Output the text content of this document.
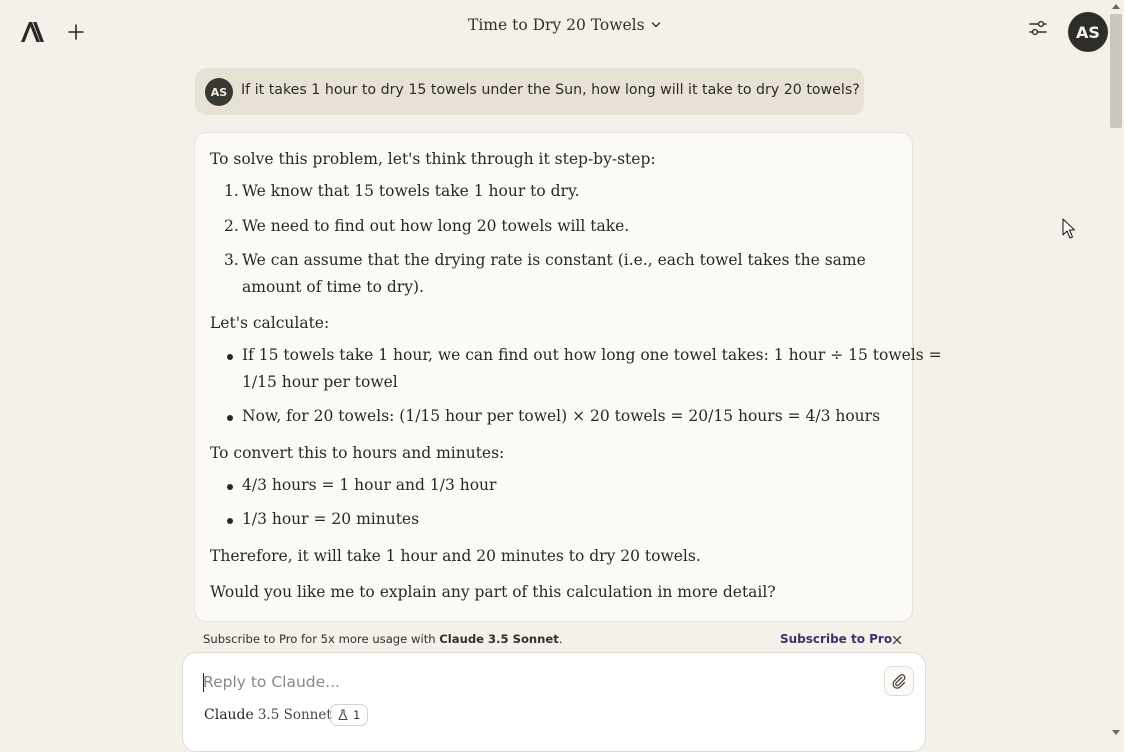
Time to Dry 20 Towels	AS
AS If it takes 1 hour to dry 15 towels under the Sun, how long will it take to dry 20 towels?
To solve this problem, let's think through it step-by-step:
1. We know that 15 towels take 1 hour to dry.
2. We need to find out how long 20 towels will take.
3. We can assume that the drying rate is constant (i.e., each towel takes the same
amount of time to dry).
Let's calculate:
If 15 towels take 1 hour, we can find out how long one towel takes: 1 hour ÷ 15 towels =
1/15 hour per towel
Now, for 20 towels: (1/15 hour per towel) × 20 towels = 20/15 hours = 4/3 hours
To convert this to hours and minutes:
4/3 hours = 1 hour and 1/3 hour
1/3 hour = 20 minutes
Therefore, it will take 1 hour and 20 minutes to dry 20 towels.
Would you like me to explain any part of this calculation in more detail?
Subscribe to Pro for 5x more usage with Claude 3.5 Sonnet.	Subscribe to Pro
Reply to Claude...
Claude 3.5 Sonnet 1
